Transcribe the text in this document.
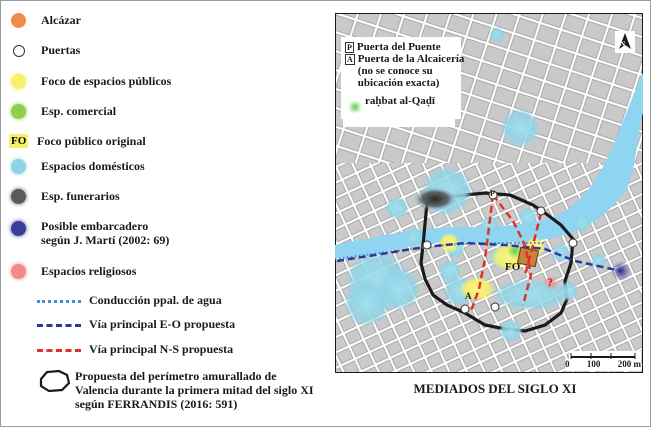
Alcázar
Puertas
Foco de espacios públicos
Esp. comercial
FO Foco público original
Espacios domésticos
Esp. funerarios
Posible embarcadero
según J. Martí (2002: 69)
Espacios religiosos
Conducción ppal. de agua
Vía principal E-O propuesta
Vía principal N-S propuesta
Propuesta del perímetro amurallado de
Valencia durante la primera mitad del siglo XI
según FERRANDIS (2016: 591)
P Puerta del Puente
A Puerta de la Alcaicería
(no se conoce su
ubicación exacta)
raḥbat al-Qaḍī
FO
P
A
?
N
0 100 200 m
MEDIADOS DEL SIGLO XI
